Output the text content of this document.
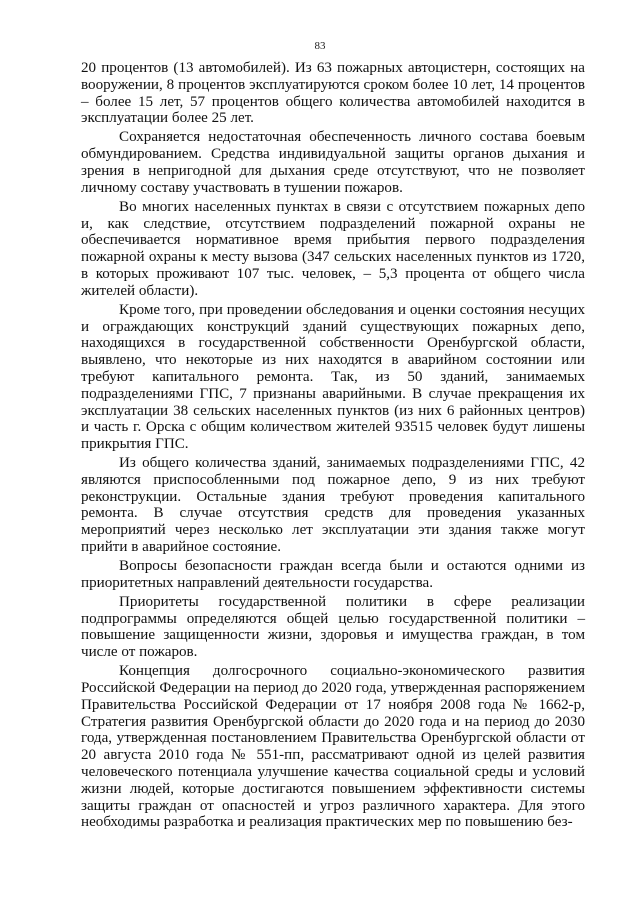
83

20 процентов (13 автомобилей). Из 63 пожарных автоцистерн, состоящих на вооружении, 8 процентов эксплуатируются сроком более 10 лет, 14 процентов – более 15 лет, 57 процентов общего количества автомобилей находится в эксплуатации более 25 лет.

Сохраняется недостаточная обеспеченность личного состава боевым обмундированием. Средства индивидуальной защиты органов дыхания и зрения в непригодной для дыхания среде отсутствуют, что не позволяет личному составу участвовать в тушении пожаров.

Во многих населенных пунктах в связи с отсутствием пожарных депо и, как следствие, отсутствием подразделений пожарной охраны не обеспечивается нормативное время прибытия первого подразделения пожарной охраны к месту вызова (347 сельских населенных пунктов из 1720, в которых проживают 107 тыс. человек, – 5,3 процента от общего числа жителей области).

Кроме того, при проведении обследования и оценки состояния несущих и ограждающих конструкций зданий существующих пожарных депо, находящихся в государственной собственности Оренбургской области, выявлено, что некоторые из них находятся в аварийном состоянии или требуют капитального ремонта. Так, из 50 зданий, занимаемых подразделениями ГПС, 7 признаны аварийными. В случае прекращения их эксплуатации 38 сельских населенных пунктов (из них 6 районных центров) и часть г. Орска с общим количеством жителей 93515 человек будут лишены прикрытия ГПС.

Из общего количества зданий, занимаемых подразделениями ГПС, 42 являются приспособленными под пожарное депо, 9 из них требуют реконструкции. Остальные здания требуют проведения капитального ремонта. В случае отсутствия средств для проведения указанных мероприятий через несколько лет эксплуатации эти здания также могут прийти в аварийное состояние.

Вопросы безопасности граждан всегда были и остаются одними из приоритетных направлений деятельности государства.

Приоритеты государственной политики в сфере реализации подпрограммы определяются общей целью государственной политики – повышение защищенности жизни, здоровья и имущества граждан, в том числе от пожаров.

Концепция долгосрочного социально-экономического развития Российской Федерации на период до 2020 года, утвержденная распоряжением Правительства Российской Федерации от 17 ноября 2008 года № 1662-р, Стратегия развития Оренбургской области до 2020 года и на период до 2030 года, утвержденная постановлением Правительства Оренбургской области от 20 августа 2010 года № 551-пп, рассматривают одной из целей развития человеческого потенциала улучшение качества социальной среды и условий жизни людей, которые достигаются повышением эффективности системы защиты граждан от опасностей и угроз различного характера. Для этого необходимы разработка и реализация практических мер по повышению без-
